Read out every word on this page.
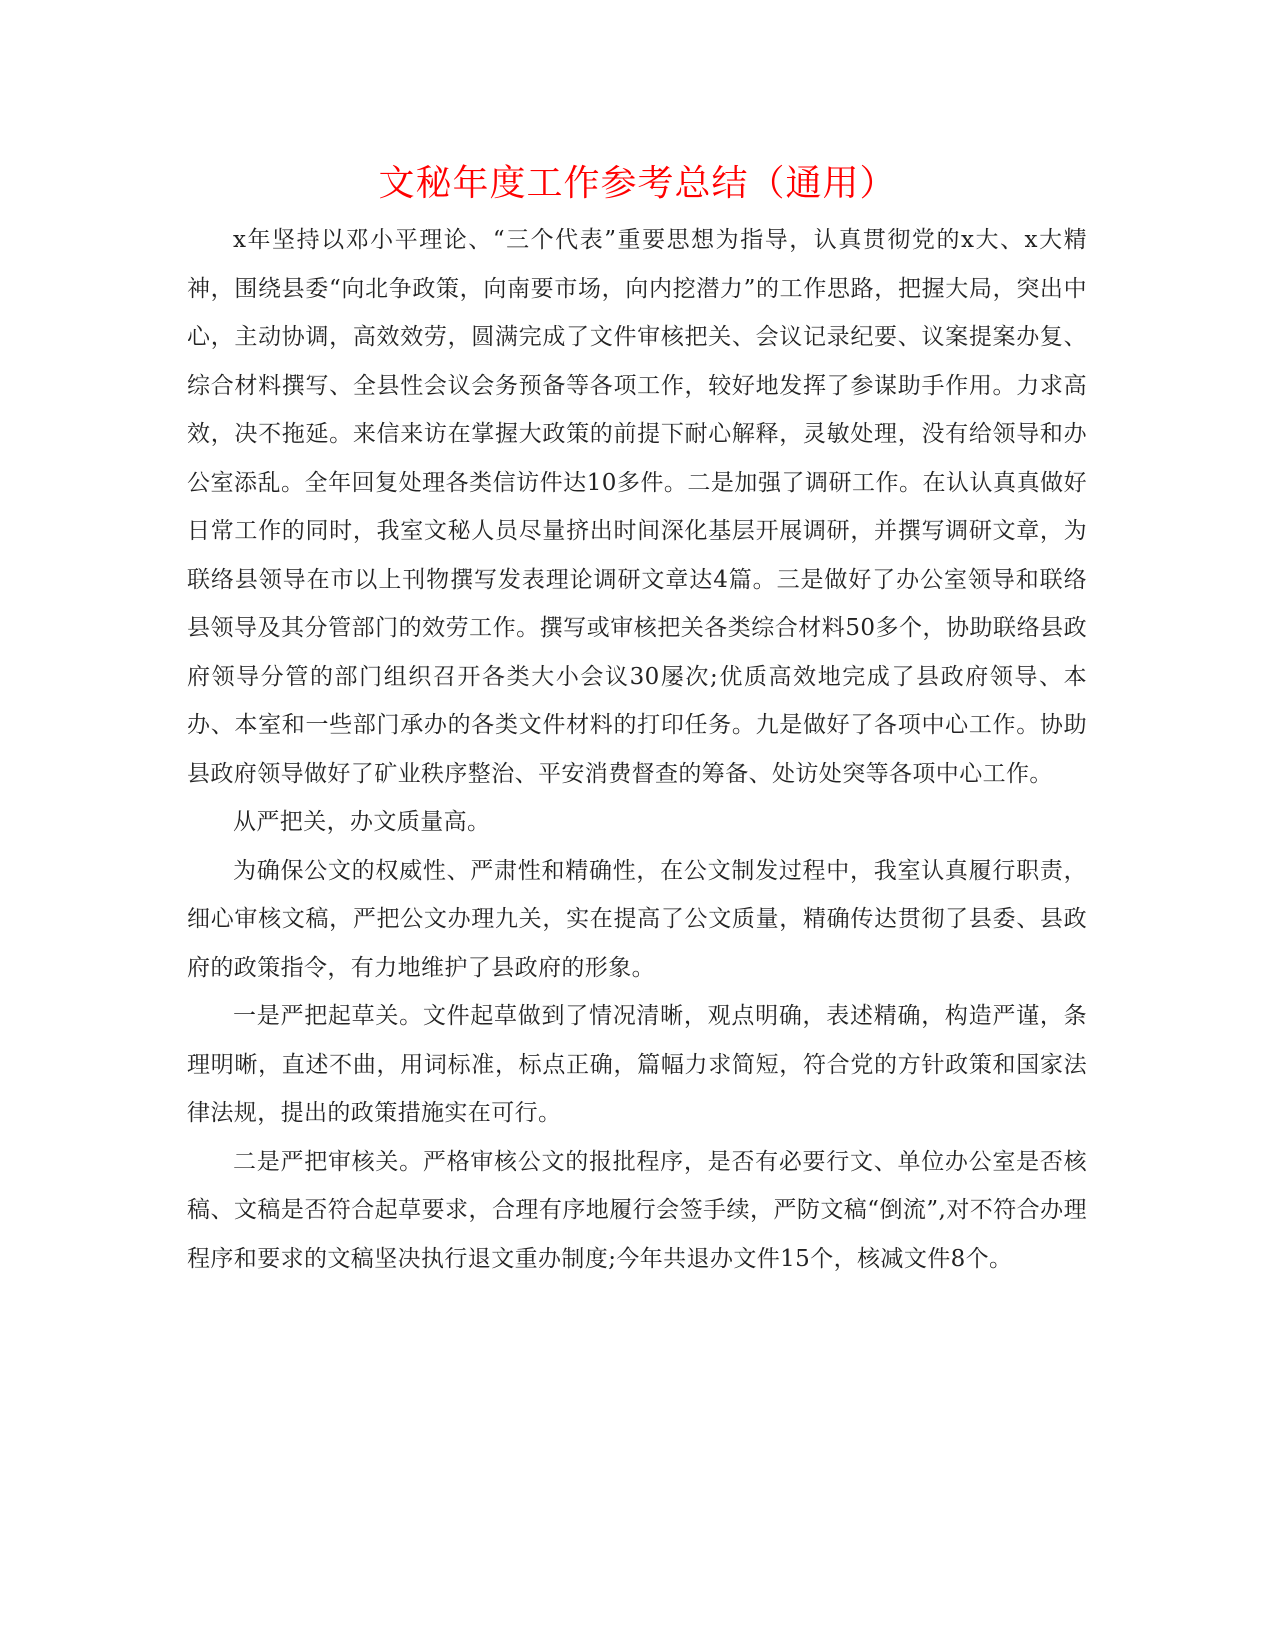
文秘年度工作参考总结（通用）

x年坚持以邓小平理论、“三个代表”重要思想为指导，认真贯彻党的x大、x大精神，围绕县委“向北争政策，向南要市场，向内挖潜力”的工作思路，把握大局，突出中心，主动协调，高效效劳，圆满完成了文件审核把关、会议记录纪要、议案提案办复、综合材料撰写、全县性会议会务预备等各项工作，较好地发挥了参谋助手作用。力求高效，决不拖延。来信来访在掌握大政策的前提下耐心解释，灵敏处理，没有给领导和办公室添乱。全年回复处理各类信访件达10多件。二是加强了调研工作。在认认真真做好日常工作的同时，我室文秘人员尽量挤出时间深化基层开展调研，并撰写调研文章，为联络县领导在市以上刊物撰写发表理论调研文章达4篇。三是做好了办公室领导和联络县领导及其分管部门的效劳工作。撰写或审核把关各类综合材料50多个，协助联络县政府领导分管的部门组织召开各类大小会议30屡次;优质高效地完成了县政府领导、本办、本室和一些部门承办的各类文件材料的打印任务。九是做好了各项中心工作。协助县政府领导做好了矿业秩序整治、平安消费督查的筹备、处访处突等各项中心工作。

从严把关，办文质量高。

为确保公文的权威性、严肃性和精确性，在公文制发过程中，我室认真履行职责，细心审核文稿，严把公文办理九关，实在提高了公文质量，精确传达贯彻了县委、县政府的政策指令，有力地维护了县政府的形象。

一是严把起草关。文件起草做到了情况清晰，观点明确，表述精确，构造严谨，条理明晰，直述不曲，用词标准，标点正确，篇幅力求简短，符合党的方针政策和国家法律法规，提出的政策措施实在可行。

二是严把审核关。严格审核公文的报批程序，是否有必要行文、单位办公室是否核稿、文稿是否符合起草要求，合理有序地履行会签手续，严防文稿“倒流”,对不符合办理程序和要求的文稿坚决执行退文重办制度;今年共退办文件15个，核减文件8个。
